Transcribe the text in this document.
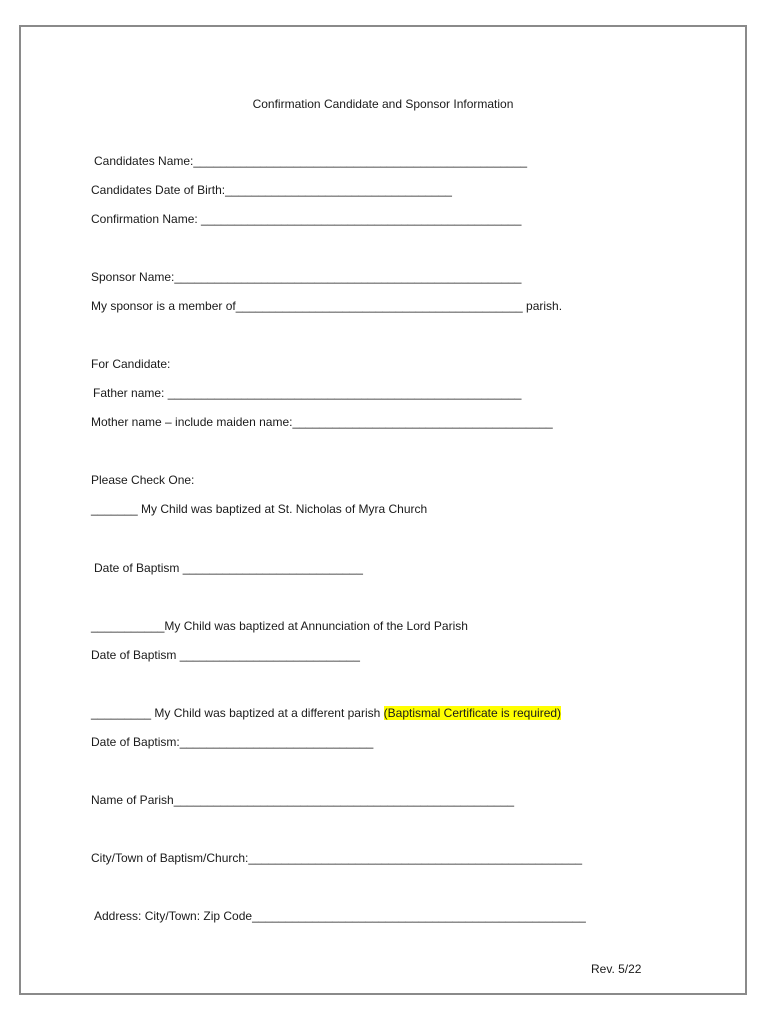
Confirmation Candidate and Sponsor Information
Candidates Name:__________________________________________________
Candidates Date of Birth:__________________________________
Confirmation Name: ________________________________________________
Sponsor Name:____________________________________________________
My sponsor is a member of___________________________________________ parish.
For Candidate:
Father name: _____________________________________________________
Mother name – include maiden name:_______________________________________
Please Check One:
_______ My Child was baptized at St. Nicholas of Myra Church
Date of Baptism ___________________________
___________My Child was baptized at Annunciation of the Lord Parish
Date of Baptism ___________________________
_________ My Child was baptized at a different parish (Baptismal Certificate is required)
Date of Baptism:_____________________________
Name of Parish___________________________________________________
City/Town of Baptism/Church:__________________________________________________
Address: City/Town: Zip Code__________________________________________________
Rev. 5/22
